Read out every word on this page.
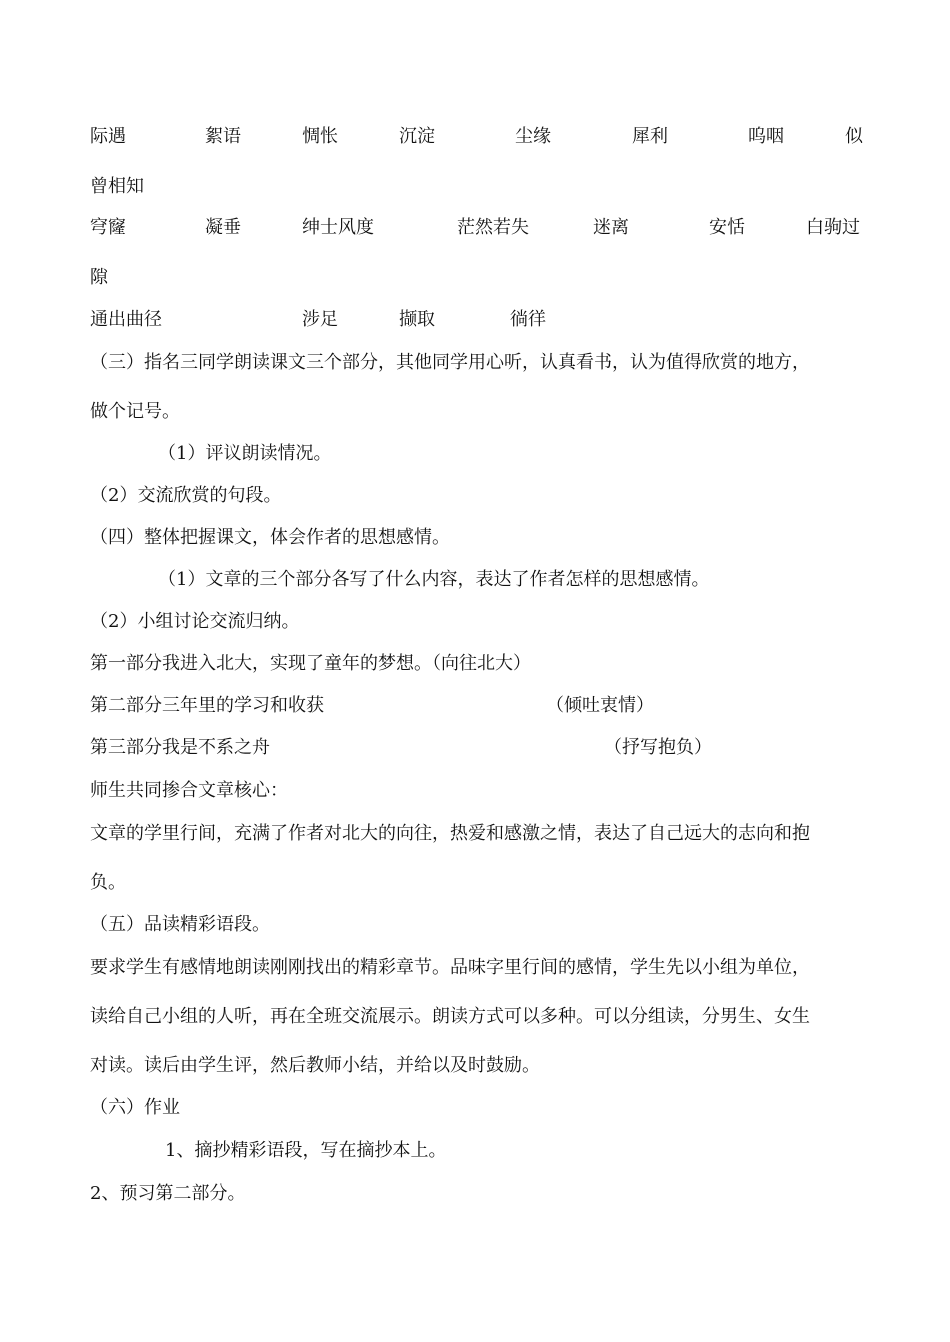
际遇	絮语	惆怅	沉淀	尘缘	犀利	呜咽	似
曾相知
穹窿	凝垂	绅士风度	茫然若失	迷离	安恬	白驹过
隙
通出曲径	涉足	撷取	徜徉
（三）指名三同学朗读课文三个部分，其他同学用心听，认真看书，认为值得欣赏的地方，
做个记号。
（1）评议朗读情况。
（2）交流欣赏的句段。
（四）整体把握课文，体会作者的思想感情。
（1）文章的三个部分各写了什么内容，表达了作者怎样的思想感情。
（2）小组讨论交流归纳。
第一部分我进入北大，实现了童年的梦想。（向往北大）
第二部分三年里的学习和收获	（倾吐衷情）
第三部分我是不系之舟	（抒写抱负）
师生共同掺合文章核心：
文章的学里行间，充满了作者对北大的向往，热爱和感激之情，表达了自己远大的志向和抱
负。
（五）品读精彩语段。
要求学生有感情地朗读刚刚找出的精彩章节。品味字里行间的感情，学生先以小组为单位，
读给自己小组的人听，再在全班交流展示。朗读方式可以多种。可以分组读，分男生、女生
对读。读后由学生评，然后教师小结，并给以及时鼓励。
（六）作业
1、摘抄精彩语段，写在摘抄本上。
2、预习第二部分。
